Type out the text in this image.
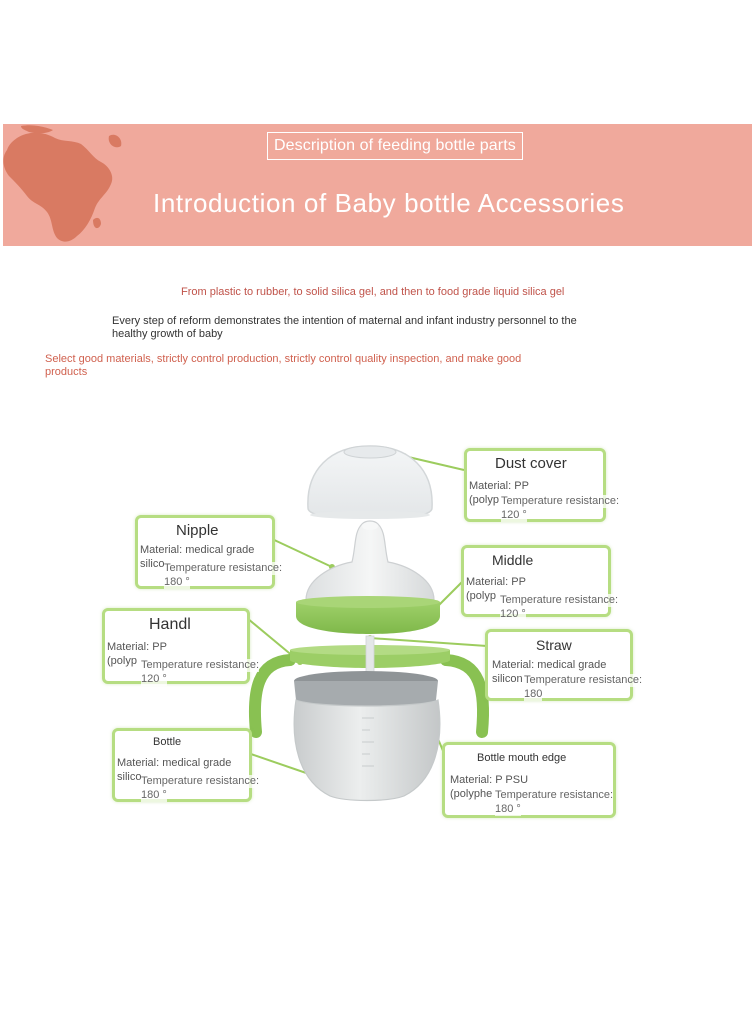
Description of feeding bottle parts
Introduction of Baby bottle Accessories

From plastic to rubber, to solid silica gel, and then to food grade liquid silica gel

Every step of reform demonstrates the intention of maternal and infant industry personnel to the healthy growth of baby

Select good materials, strictly control production, strictly control quality inspection, and make good products

Dust cover
Material: PP
(polyp Temperature resistance:
120 °
Nipple
Material: medical grade
silico Temperature resistance:
180 °
Middle
Material: PP
(polyp Temperature resistance:
120 °
Handl
Material: PP
(polyp Temperature resistance:
120 °
Straw
Material: medical grade
silicon Temperature resistance:
180
Bottle
Material: medical grade
silico Temperature resistance:
180 °
Bottle mouth edge
Material: P PSU
(polyphe Temperature resistance:
180 °
